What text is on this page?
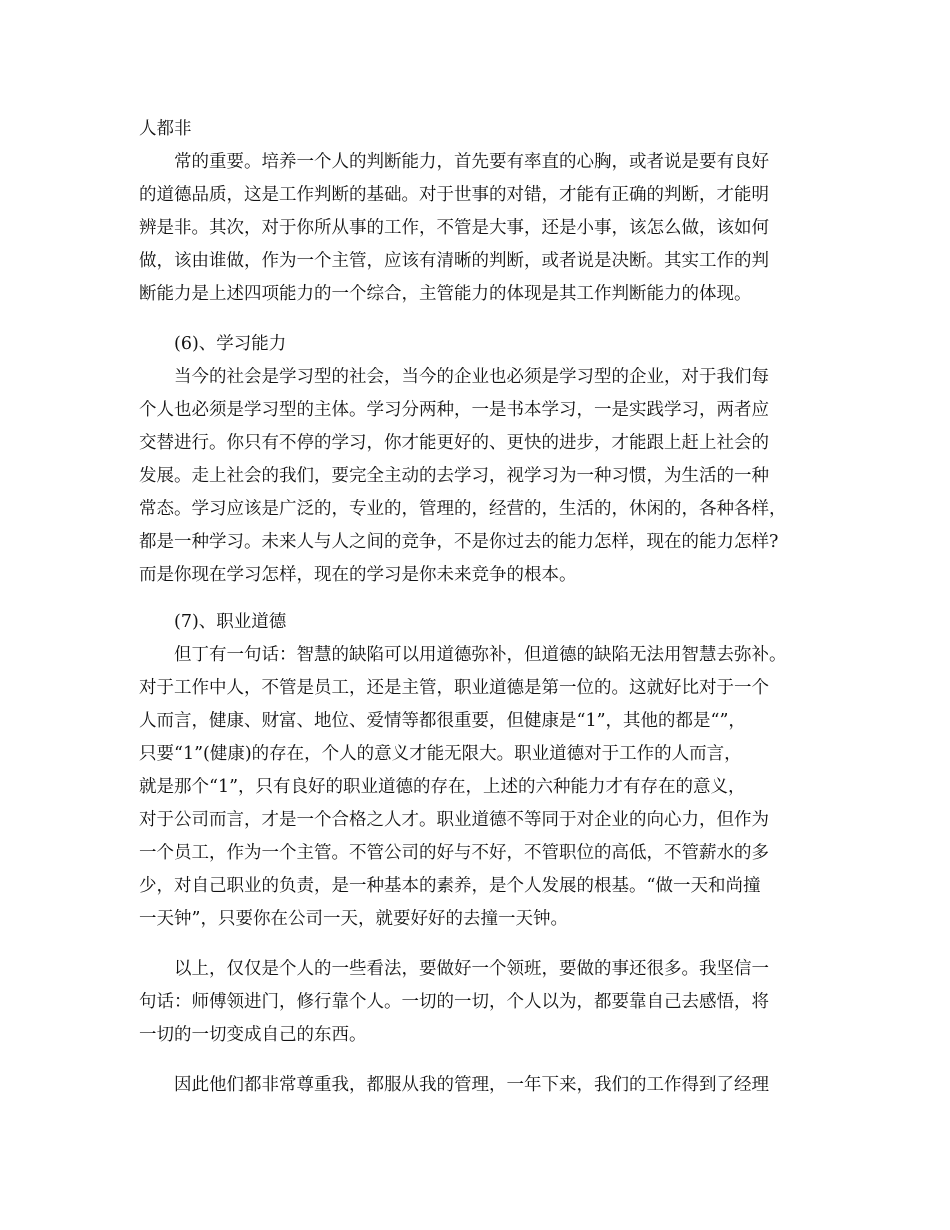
人都非
常的重要。培养一个人的判断能力，首先要有率直的心胸，或者说是要有良好
的道德品质，这是工作判断的基础。对于世事的对错，才能有正确的判断，才能明
辨是非。其次，对于你所从事的工作，不管是大事，还是小事，该怎么做，该如何
做，该由谁做，作为一个主管，应该有清晰的判断，或者说是决断。其实工作的判
断能力是上述四项能力的一个综合，主管能力的体现是其工作判断能力的体现。
(6)、学习能力
当今的社会是学习型的社会，当今的企业也必须是学习型的企业，对于我们每
个人也必须是学习型的主体。学习分两种，一是书本学习，一是实践学习，两者应
交替进行。你只有不停的学习，你才能更好的、更快的进步，才能跟上赶上社会的
发展。走上社会的我们，要完全主动的去学习，视学习为一种习惯，为生活的一种
常态。学习应该是广泛的，专业的，管理的，经营的，生活的，休闲的，各种各样，
都是一种学习。未来人与人之间的竞争，不是你过去的能力怎样，现在的能力怎样?
而是你现在学习怎样，现在的学习是你未来竞争的根本。
(7)、职业道德
但丁有一句话：智慧的缺陷可以用道德弥补，但道德的缺陷无法用智慧去弥补。
对于工作中人，不管是员工，还是主管，职业道德是第一位的。这就好比对于一个
人而言，健康、财富、地位、爱情等都很重要，但健康是“1”，其他的都是“”，
只要“1”(健康)的存在，个人的意义才能无限大。职业道德对于工作的人而言，
就是那个“1”，只有良好的职业道德的存在，上述的六种能力才有存在的意义，
对于公司而言，才是一个合格之人才。职业道德不等同于对企业的向心力，但作为
一个员工，作为一个主管。不管公司的好与不好，不管职位的高低，不管薪水的多
少，对自己职业的负责，是一种基本的素养，是个人发展的根基。“做一天和尚撞
一天钟”，只要你在公司一天，就要好好的去撞一天钟。
以上，仅仅是个人的一些看法，要做好一个领班，要做的事还很多。我坚信一
句话：师傅领进门，修行靠个人。一切的一切，个人以为，都要靠自己去感悟，将
一切的一切变成自己的东西。
因此他们都非常尊重我，都服从我的管理，一年下来，我们的工作得到了经理
